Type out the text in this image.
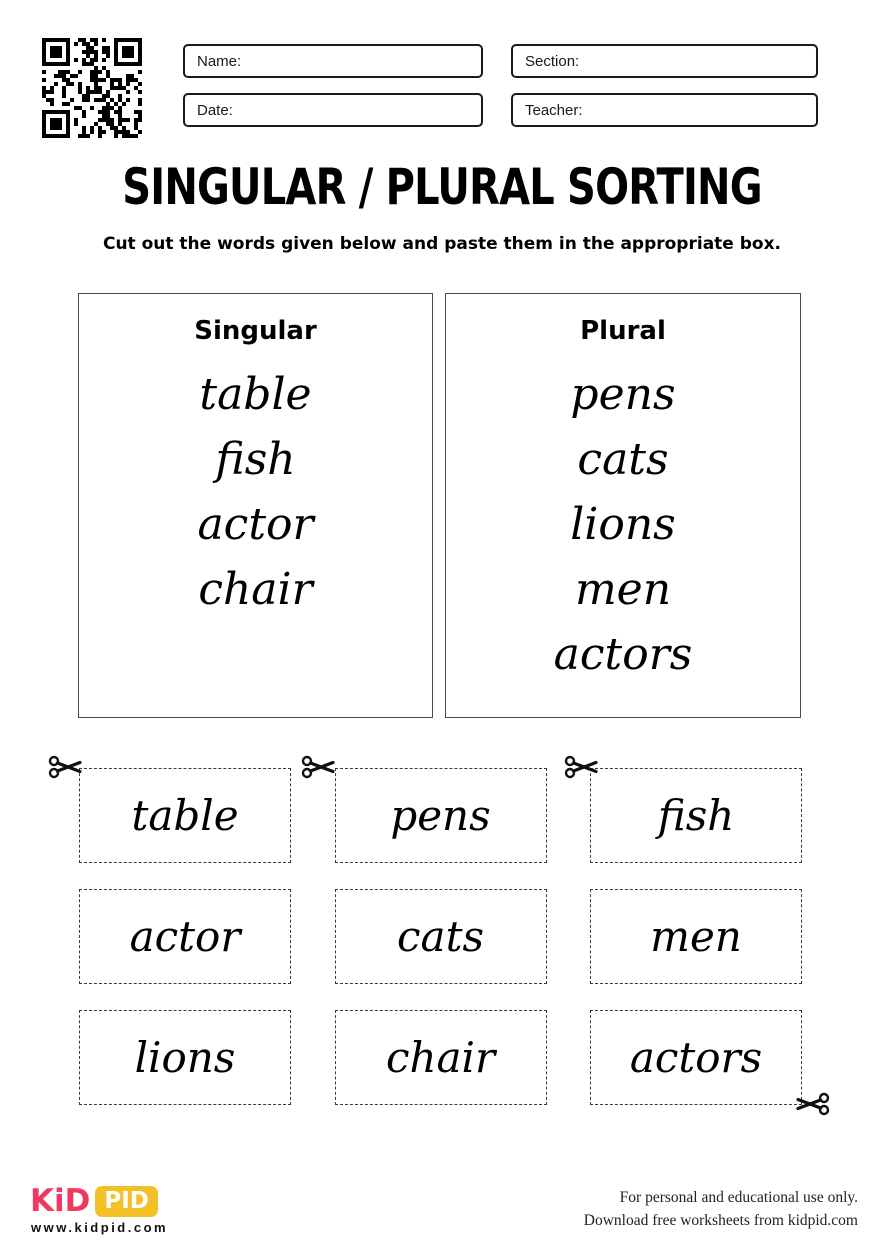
Name:	Section:
Date:	Teacher:
SINGULAR / PLURAL SORTING

Cut out the words given below and paste them in the appropriate box.

Singular
table
fish
actor
chair
Plural
pens
cats
lions
men
actors
table	pens	fish
actor	cats	men
lions	chair	actors
KiD PID
www.kidpid.com
For personal and educational use only.
Download free worksheets from kidpid.com
